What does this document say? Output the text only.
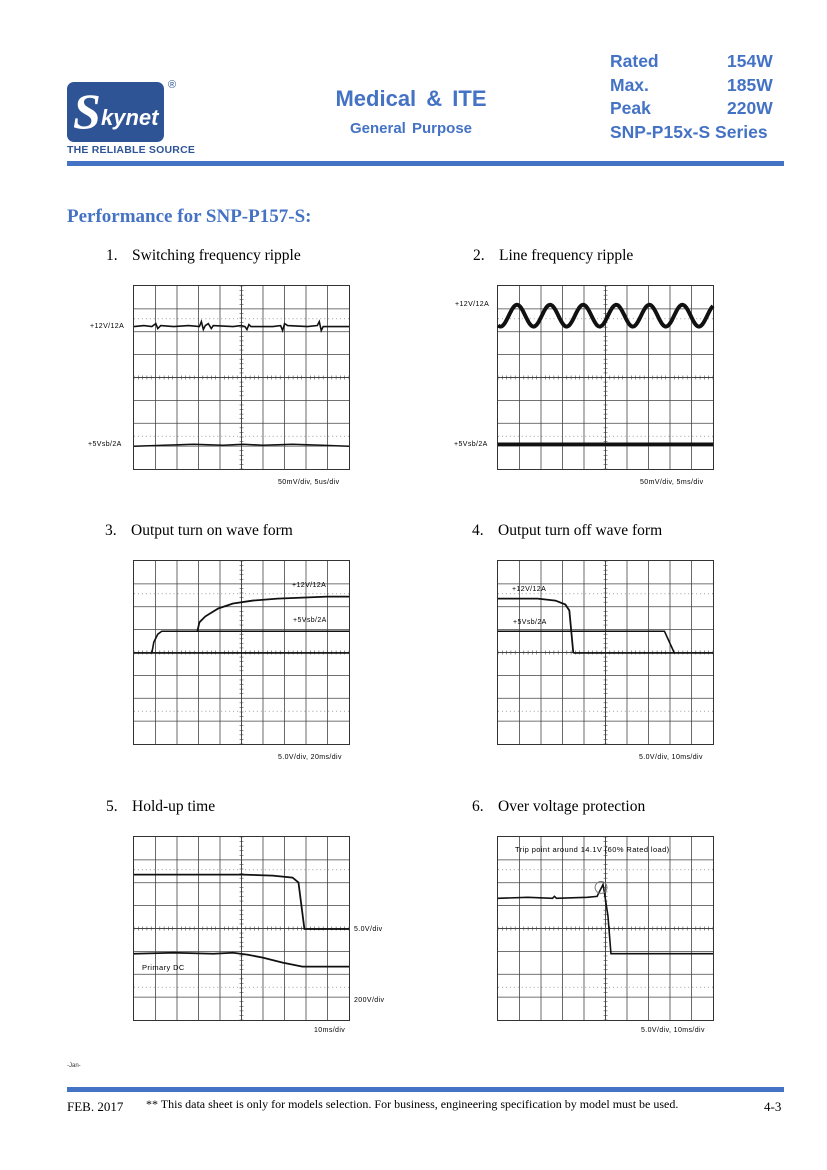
S kynet
®
THE RELIABLE SOURCE
Medical & ITE
General Purpose
Rated	154W
Max.	185W
Peak	220W
SNP-P15x-S Series
Performance for SNP-P157-S:
1. Switching frequency ripple	2. Line frequency ripple
3. Output turn on wave form	4. Output turn off wave form
5. Hold-up time	6. Over voltage protection
+12V/12A
+5Vsb/2A
50mV/div, 5us/div
+12V/12A
+5Vsb/2A
50mV/div, 5ms/div
+12V/12A
+5Vsb/2A
5.0V/div, 20ms/div
+12V/12A
+5Vsb/2A
5.0V/div, 10ms/div
5.0V/div
Primary DC
200V/div
10ms/div
Trip point around 14.1V (60% Rated load)
5.0V/div, 10ms/div
-Jan-
FEB. 2017 ** This data sheet is only for models selection. For business, engineering specification by model must be used.	4-3
